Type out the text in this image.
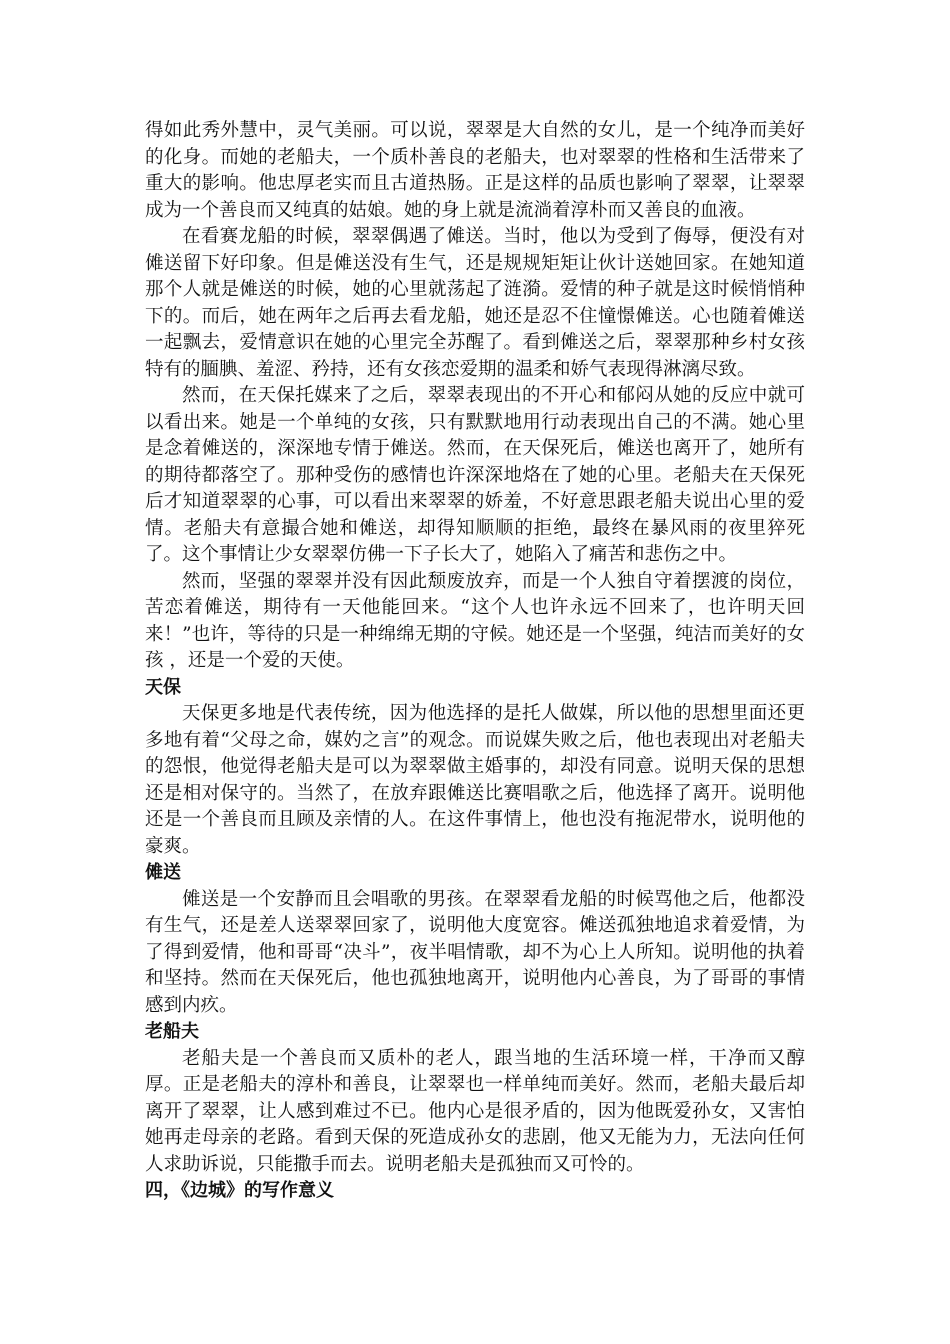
得如此秀外慧中，灵气美丽。可以说，翠翠是大自然的女儿，是一个纯净而美好的化身。而她的老船夫，一个质朴善良的老船夫，也对翠翠的性格和生活带来了重大的影响。他忠厚老实而且古道热肠。正是这样的品质也影响了翠翠，让翠翠成为一个善良而又纯真的姑娘。她的身上就是流淌着淳朴而又善良的血液。

在看赛龙船的时候，翠翠偶遇了傩送。当时，他以为受到了侮辱，便没有对傩送留下好印象。但是傩送没有生气，还是规规矩矩让伙计送她回家。在她知道那个人就是傩送的时候，她的心里就荡起了涟漪。爱情的种子就是这时候悄悄种下的。而后，她在两年之后再去看龙船，她还是忍不住憧憬傩送。心也随着傩送一起飘去，爱情意识在她的心里完全苏醒了。看到傩送之后，翠翠那种乡村女孩特有的腼腆、羞涩、矜持，还有女孩恋爱期的温柔和娇气表现得淋漓尽致。

然而，在天保托媒来了之后，翠翠表现出的不开心和郁闷从她的反应中就可以看出来。她是一个单纯的女孩，只有默默地用行动表现出自己的不满。她心里是念着傩送的，深深地专情于傩送。然而，在天保死后，傩送也离开了，她所有的期待都落空了。那种受伤的感情也许深深地烙在了她的心里。老船夫在天保死后才知道翠翠的心事，可以看出来翠翠的娇羞，不好意思跟老船夫说出心里的爱情。老船夫有意撮合她和傩送，却得知顺顺的拒绝，最终在暴风雨的夜里猝死了。这个事情让少女翠翠仿佛一下子长大了，她陷入了痛苦和悲伤之中。

然而，坚强的翠翠并没有因此颓废放弃，而是一个人独自守着摆渡的岗位，苦恋着傩送，期待有一天他能回来。“这个人也许永远不回来了，也许明天回来！”也许，等待的只是一种绵绵无期的守候。她还是一个坚强，纯洁而美好的女孩 ，还是一个爱的天使。

天保

天保更多地是代表传统，因为他选择的是托人做媒，所以他的思想里面还更多地有着“父母之命，媒妁之言”的观念。而说媒失败之后，他也表现出对老船夫的怨恨，他觉得老船夫是可以为翠翠做主婚事的，却没有同意。说明天保的思想还是相对保守的。当然了，在放弃跟傩送比赛唱歌之后，他选择了离开。说明他还是一个善良而且顾及亲情的人。在这件事情上，他也没有拖泥带水，说明他的豪爽。

傩送

傩送是一个安静而且会唱歌的男孩。在翠翠看龙船的时候骂他之后，他都没有生气，还是差人送翠翠回家了，说明他大度宽容。傩送孤独地追求着爱情，为了得到爱情，他和哥哥“决斗”，夜半唱情歌，却不为心上人所知。说明他的执着和坚持。然而在天保死后，他也孤独地离开，说明他内心善良，为了哥哥的事情感到内疚。

老船夫

老船夫是一个善良而又质朴的老人，跟当地的生活环境一样，干净而又醇厚。正是老船夫的淳朴和善良，让翠翠也一样单纯而美好。然而，老船夫最后却离开了翠翠，让人感到难过不已。他内心是很矛盾的，因为他既爱孙女，又害怕她再走母亲的老路。看到天保的死造成孙女的悲剧，他又无能为力，无法向任何人求助诉说，只能撒手而去。说明老船夫是孤独而又可怜的。

四，《边城》的写作意义
